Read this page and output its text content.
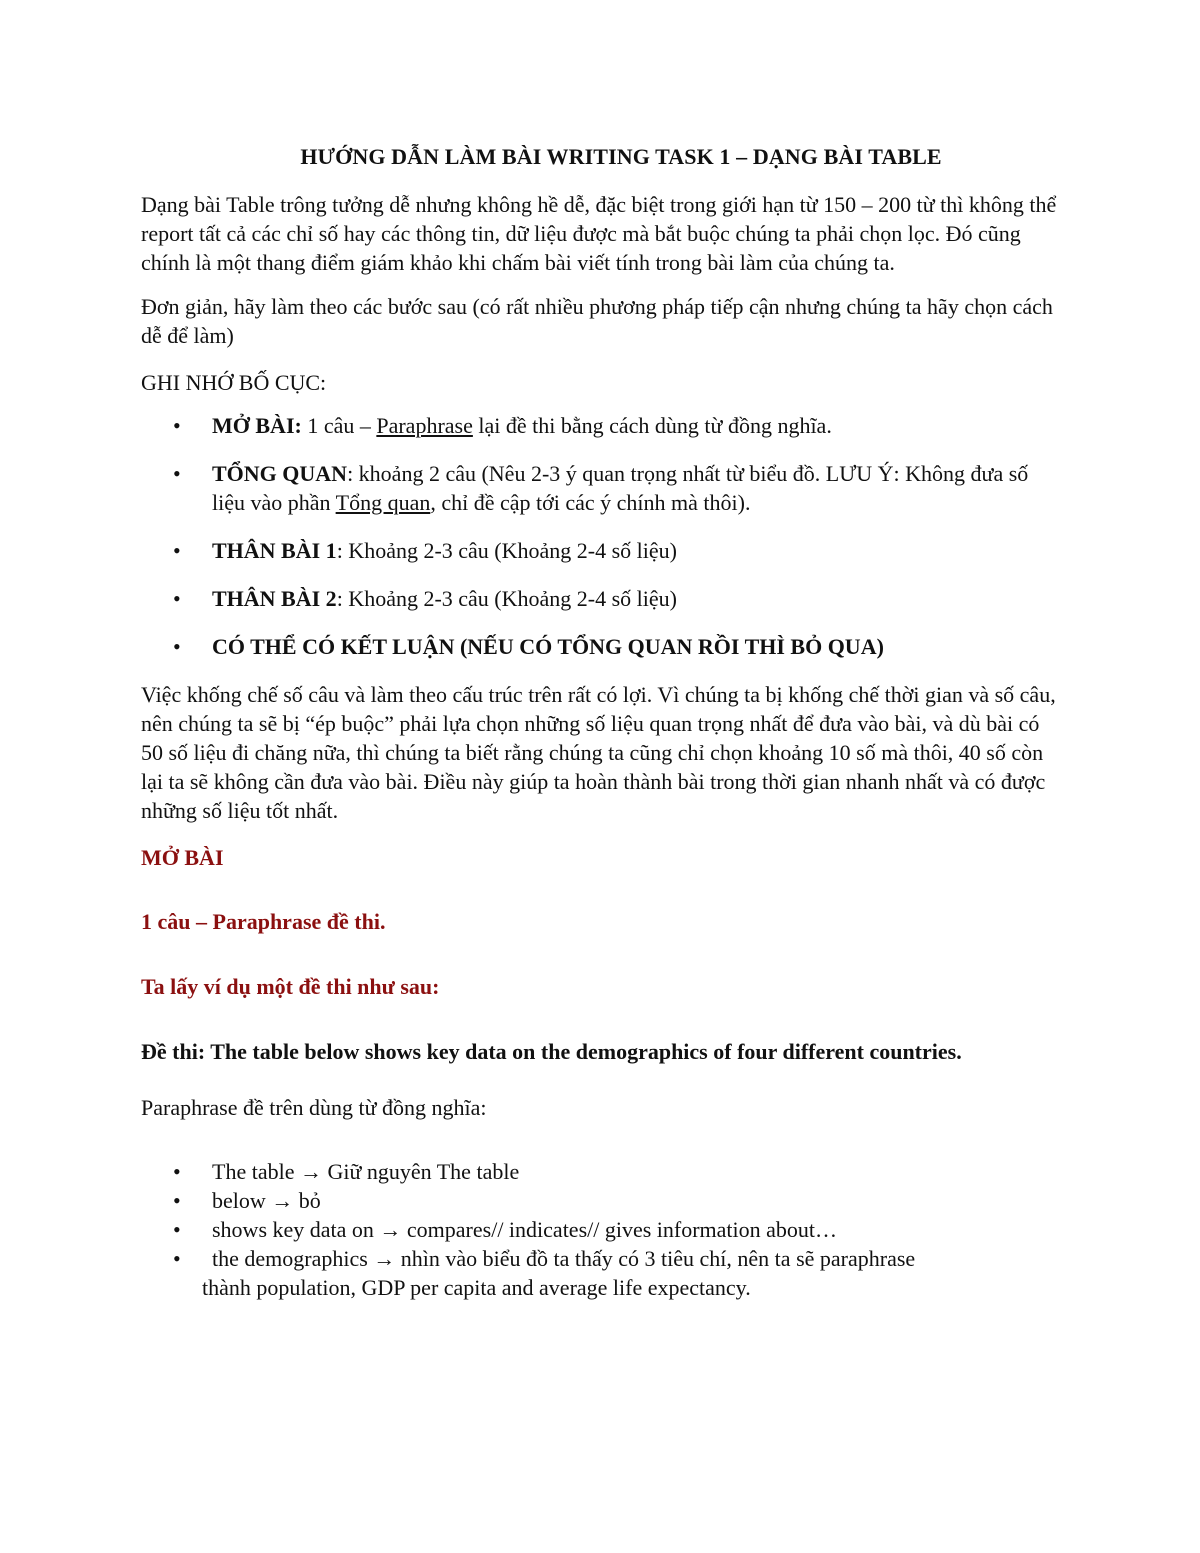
HƯỚNG DẪN LÀM BÀI WRITING TASK 1 – DẠNG BÀI TABLE

Dạng bài Table trông tưởng dễ nhưng không hề dễ, đặc biệt trong giới hạn từ 150 – 200 từ thì không thể report tất cả các chỉ số hay các thông tin, dữ liệu được mà bắt buộc chúng ta phải chọn lọc. Đó cũng chính là một thang điểm giám khảo khi chấm bài viết tính trong bài làm của chúng ta.

Đơn giản, hãy làm theo các bước sau (có rất nhiều phương pháp tiếp cận nhưng chúng ta hãy chọn cách dễ để làm)

GHI NHỚ BỐ CỤC:

• MỞ BÀI: 1 câu – Paraphrase lại đề thi bằng cách dùng từ đồng nghĩa.
• TỔNG QUAN: khoảng 2 câu (Nêu 2-3 ý quan trọng nhất từ biểu đồ. LƯU Ý: Không đưa số liệu vào phần Tổng quan, chỉ đề cập tới các ý chính mà thôi).
• THÂN BÀI 1: Khoảng 2-3 câu (Khoảng 2-4 số liệu)
• THÂN BÀI 2: Khoảng 2-3 câu (Khoảng 2-4 số liệu)
• CÓ THỂ CÓ KẾT LUẬN (NẾU CÓ TỔNG QUAN RỒI THÌ BỎ QUA)

Việc khống chế số câu và làm theo cấu trúc trên rất có lợi. Vì chúng ta bị khống chế thời gian và số câu, nên chúng ta sẽ bị “ép buộc” phải lựa chọn những số liệu quan trọng nhất để đưa vào bài, và dù bài có 50 số liệu đi chăng nữa, thì chúng ta biết rằng chúng ta cũng chỉ chọn khoảng 10 số mà thôi, 40 số còn lại ta sẽ không cần đưa vào bài. Điều này giúp ta hoàn thành bài trong thời gian nhanh nhất và có được những số liệu tốt nhất.

MỞ BÀI

1 câu – Paraphrase đề thi.

Ta lấy ví dụ một đề thi như sau:

Đề thi: The table below shows key data on the demographics of four different countries.

Paraphrase đề trên dùng từ đồng nghĩa:

• The table → Giữ nguyên The table
• below → bỏ
• shows key data on → compares// indicates// gives information about…
• the demographics → nhìn vào biểu đồ ta thấy có 3 tiêu chí, nên ta sẽ paraphrase
thành population, GDP per capita and average life expectancy.
